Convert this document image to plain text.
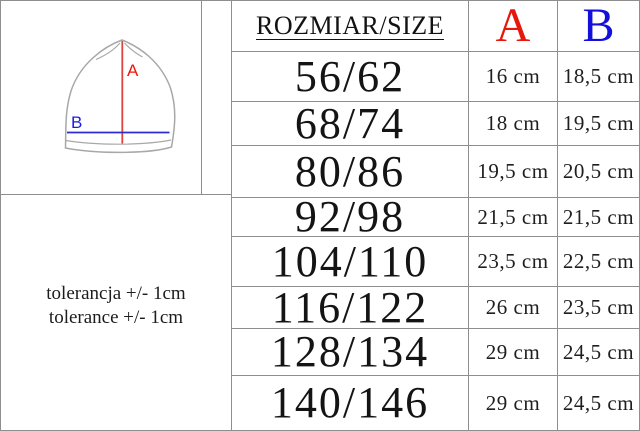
A
B
tolerancja +/- 1cm
tolerance +/- 1cm
ROZMIAR/SIZE	A	B
56/62	16 cm	18,5 cm
68/74	18 cm	19,5 cm
80/86	19,5 cm 20,5 cm
92/98	21,5 cm 21,5 cm
104/110	23,5 cm 22,5 cm
116/122	26 cm	23,5 cm
128/134	29 cm	24,5 cm
140/146	29 cm	24,5 cm
